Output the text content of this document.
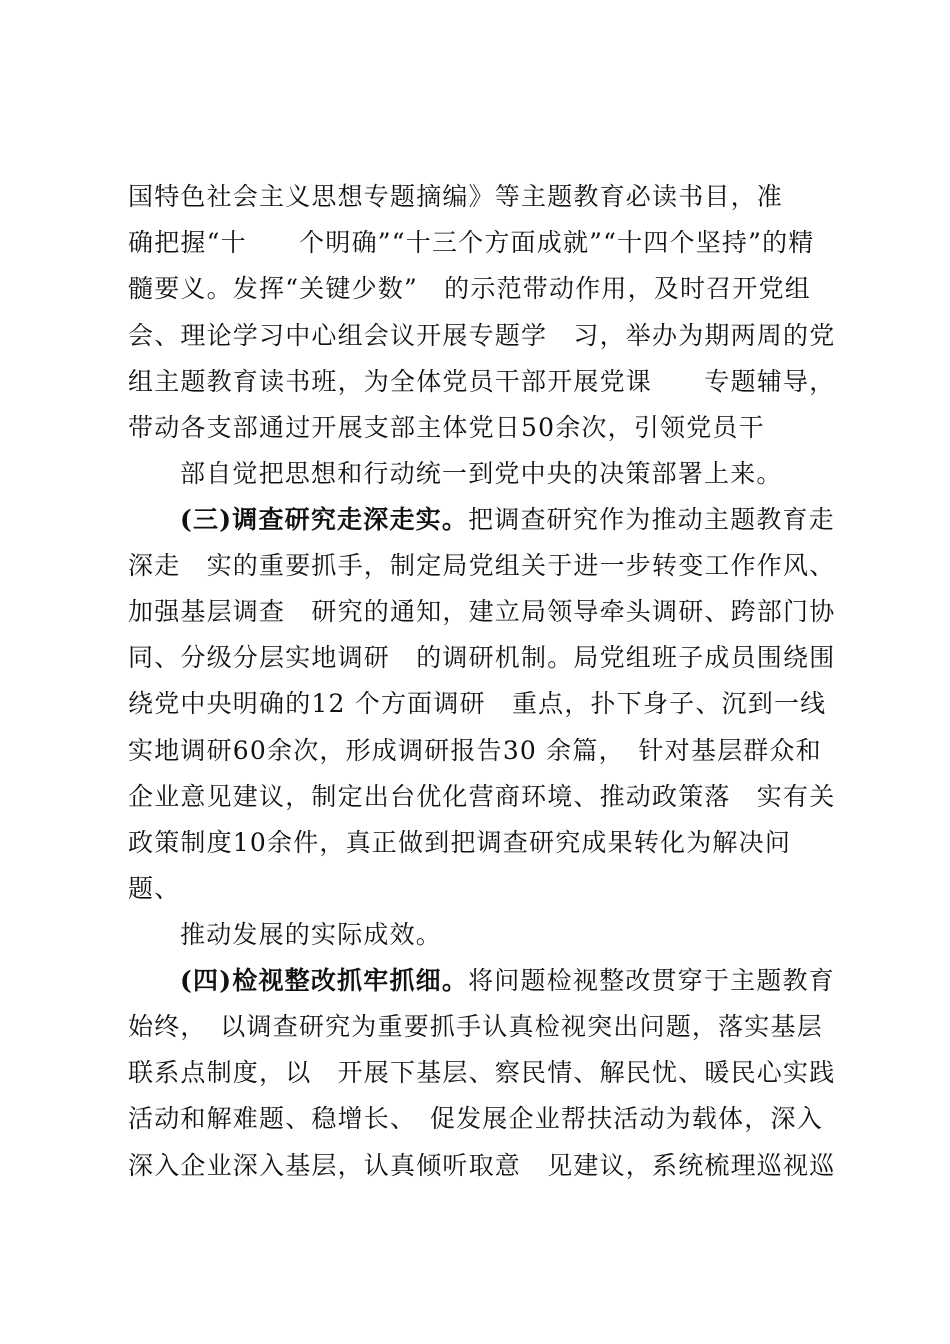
国特色社会主义思想专题摘编》等主题教育必读书目，准
确把握“十　　个明确”“十三个方面成就”“十四个坚持”的精
髓要义。发挥“关键少数”　的示范带动作用，及时召开党组
会、理论学习中心组会议开展专题学　习，举办为期两周的党
组主题教育读书班，为全体党员干部开展党课　　专题辅导，
带动各支部通过开展支部主体党日50余次，引领党员干
部自觉把思想和行动统一到党中央的决策部署上来。
(三)调查研究走深走实。把调查研究作为推动主题教育走
深走　实的重要抓手，制定局党组关于进一步转变工作作风、
加强基层调查　研究的通知，建立局领导牵头调研、跨部门协
同、分级分层实地调研　的调研机制。局党组班子成员围绕围
绕党中央明确的12 个方面调研　重点，扑下身子、沉到一线
实地调研60余次，形成调研报告30 余篇，　针对基层群众和
企业意见建议，制定出台优化营商环境、推动政策落　实有关
政策制度10余件，真正做到把调查研究成果转化为解决问
题、
推动发展的实际成效。
(四)检视整改抓牢抓细。将问题检视整改贯穿于主题教育
始终，　以调查研究为重要抓手认真检视突出问题，落实基层
联系点制度，以　开展下基层、察民情、解民忧、暖民心实践
活动和解难题、稳增长、　促发展企业帮扶活动为载体，深入
深入企业深入基层，认真倾听取意　见建议，系统梳理巡视巡
